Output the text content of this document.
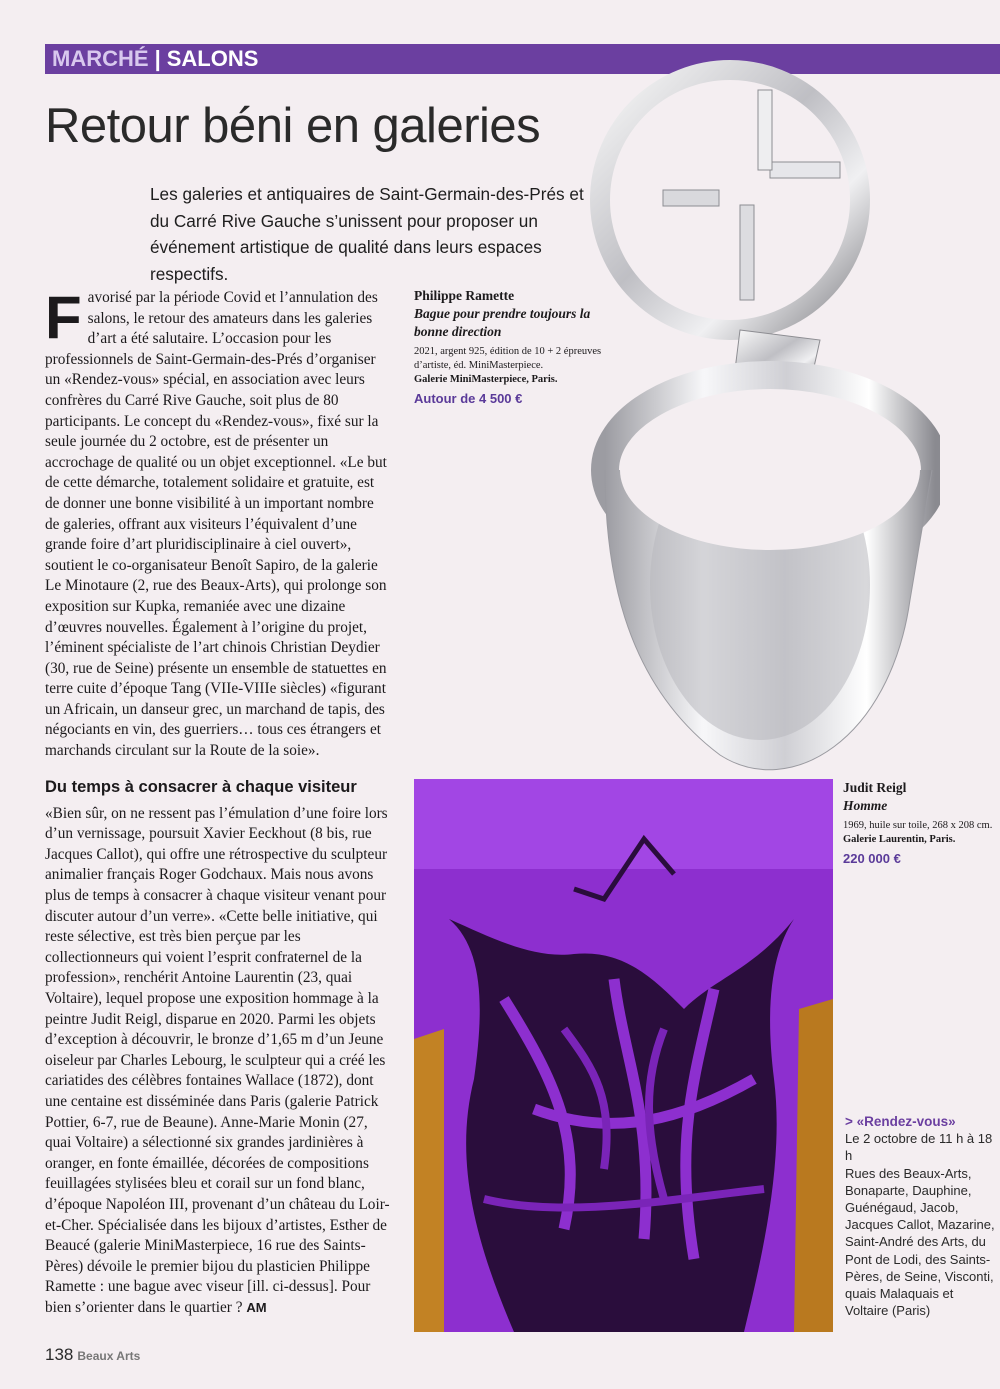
MARCHÉ | SALONS
Retour béni en galeries

Les galeries et antiquaires de Saint-Germain-des-Prés et du Carré Rive Gauche s’unissent pour proposer un événement artistique de qualité dans leurs espaces respectifs.

Favorisé par la période Covid et l’annulation des salons, le retour des amateurs dans les galeries d’art a été salutaire. L’occasion pour les professionnels de Saint-Germain-des-Prés d’organiser un «Rendez-vous» spécial, en association avec leurs confrères du Carré Rive Gauche, soit plus de 80 participants. Le concept du «Rendez-vous», fixé sur la seule journée du 2 octobre, est de présenter un accrochage de qualité ou un objet exceptionnel. «Le but de cette démarche, totalement solidaire et gratuite, est de donner une bonne visibilité à un important nombre de galeries, offrant aux visiteurs l’équivalent d’une grande foire d’art pluridisciplinaire à ciel ouvert», soutient le co-organisateur Benoît Sapiro, de la galerie Le Minotaure (2, rue des Beaux-Arts), qui prolonge son exposition sur Kupka, remaniée avec une dizaine d’œuvres nouvelles. Également à l’origine du projet, l’éminent spécialiste de l’art chinois Christian Deydier (30, rue de Seine) présente un ensemble de statuettes en terre cuite d’époque Tang (VIIe-VIIIe siècles) «figurant un Africain, un danseur grec, un marchand de tapis, des négociants en vin, des guerriers… tous ces étrangers et marchands circulant sur la Route de la soie».

Du temps à consacrer à chaque visiteur

«Bien sûr, on ne ressent pas l’émulation d’une foire lors d’un vernissage, poursuit Xavier Eeckhout (8 bis, rue Jacques Callot), qui offre une rétrospective du sculpteur animalier français Roger Godchaux. Mais nous avons plus de temps à consacrer à chaque visiteur venant pour discuter autour d’un verre». «Cette belle initiative, qui reste sélective, est très bien perçue par les collectionneurs qui voient l’esprit confraternel de la profession», renchérit Antoine Laurentin (23, quai Voltaire), lequel propose une exposition hommage à la peintre Judit Reigl, disparue en 2020. Parmi les objets d’exception à découvrir, le bronze d’1,65 m d’un Jeune oiseleur par Charles Lebourg, le sculpteur qui a créé les cariatides des célèbres fontaines Wallace (1872), dont une centaine est disséminée dans Paris (galerie Patrick Pottier, 6-7, rue de Beaune). Anne-Marie Monin (27, quai Voltaire) a sélectionné six grandes jardinières à oranger, en fonte émaillée, décorées de compositions feuillagées stylisées bleu et corail sur un fond blanc, d’époque Napoléon III, provenant d’un château du Loir-et-Cher. Spécialisée dans les bijoux d’artistes, Esther de Beaucé (galerie MiniMasterpiece, 16 rue des Saints-Pères) dévoile le premier bijou du plasticien Philippe Ramette : une bague avec viseur [ill. ci-dessus]. Pour bien s’orienter dans le quartier ? AM

Philippe Ramette
Bague pour prendre toujours la bonne direction
2021, argent 925, édition de 10 + 2 épreuves d’artiste, éd. MiniMasterpiece.
Galerie MiniMasterpiece, Paris.
Autour de 4 500 €
Judit Reigl
Homme
1969, huile sur toile, 268 x 208 cm.
Galerie Laurentin, Paris.
220 000 €
> «Rendez-vous»
Le 2 octobre de 11 h à 18 h
Rues des Beaux-Arts, Bonaparte, Dauphine, Guénégaud, Jacob, Jacques Callot, Mazarine, Saint-André des Arts, du Pont de Lodi, des Saints-Pères, de Seine, Visconti, quais Malaquais et Voltaire (Paris)
138 Beaux Arts
